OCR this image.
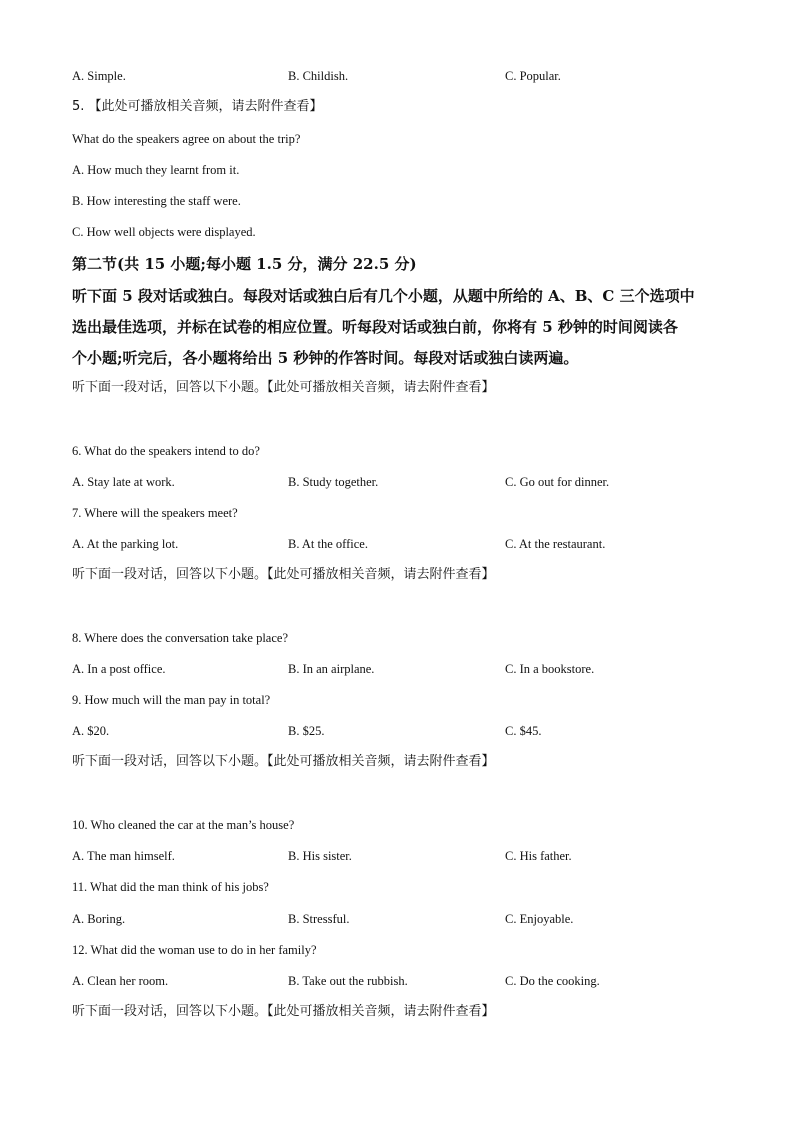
A. Simple.	B. Childish.	C. Popular.
5. 【此处可播放相关音频，请去附件查看】
What do the speakers agree on about the trip?
A. How much they learnt from it.
B. How interesting the staff were.
C. How well objects were displayed.
第二节(共 15 小题;每小题 1.5 分，满分 22.5 分)
听下面 5 段对话或独白。每段对话或独白后有几个小题，从题中所给的 A、B、C 三个选项中
选出最佳选项，并标在试卷的相应位置。听每段对话或独白前，你将有 5 秒钟的时间阅读各
个小题;听完后，各小题将给出 5 秒钟的作答时间。每段对话或独白读两遍。
听下面一段对话，回答以下小题。【此处可播放相关音频，请去附件查看】
6. What do the speakers intend to do?
A. Stay late at work.	B. Study together.	C. Go out for dinner.
7. Where will the speakers meet?
A. At the parking lot.	B. At the office.	C. At the restaurant.
听下面一段对话，回答以下小题。【此处可播放相关音频，请去附件查看】
8. Where does the conversation take place?
A. In a post office.	B. In an airplane.	C. In a bookstore.
9. How much will the man pay in total?
A. $20.	B. $25.	C. $45.
听下面一段对话，回答以下小题。【此处可播放相关音频，请去附件查看】
10. Who cleaned the car at the man’s house?
A. The man himself.	B. His sister.	C. His father.
11. What did the man think of his jobs?
A. Boring.	B. Stressful.	C. Enjoyable.
12. What did the woman use to do in her family?
A. Clean her room.	B. Take out the rubbish.	C. Do the cooking.
听下面一段对话，回答以下小题。【此处可播放相关音频，请去附件查看】
